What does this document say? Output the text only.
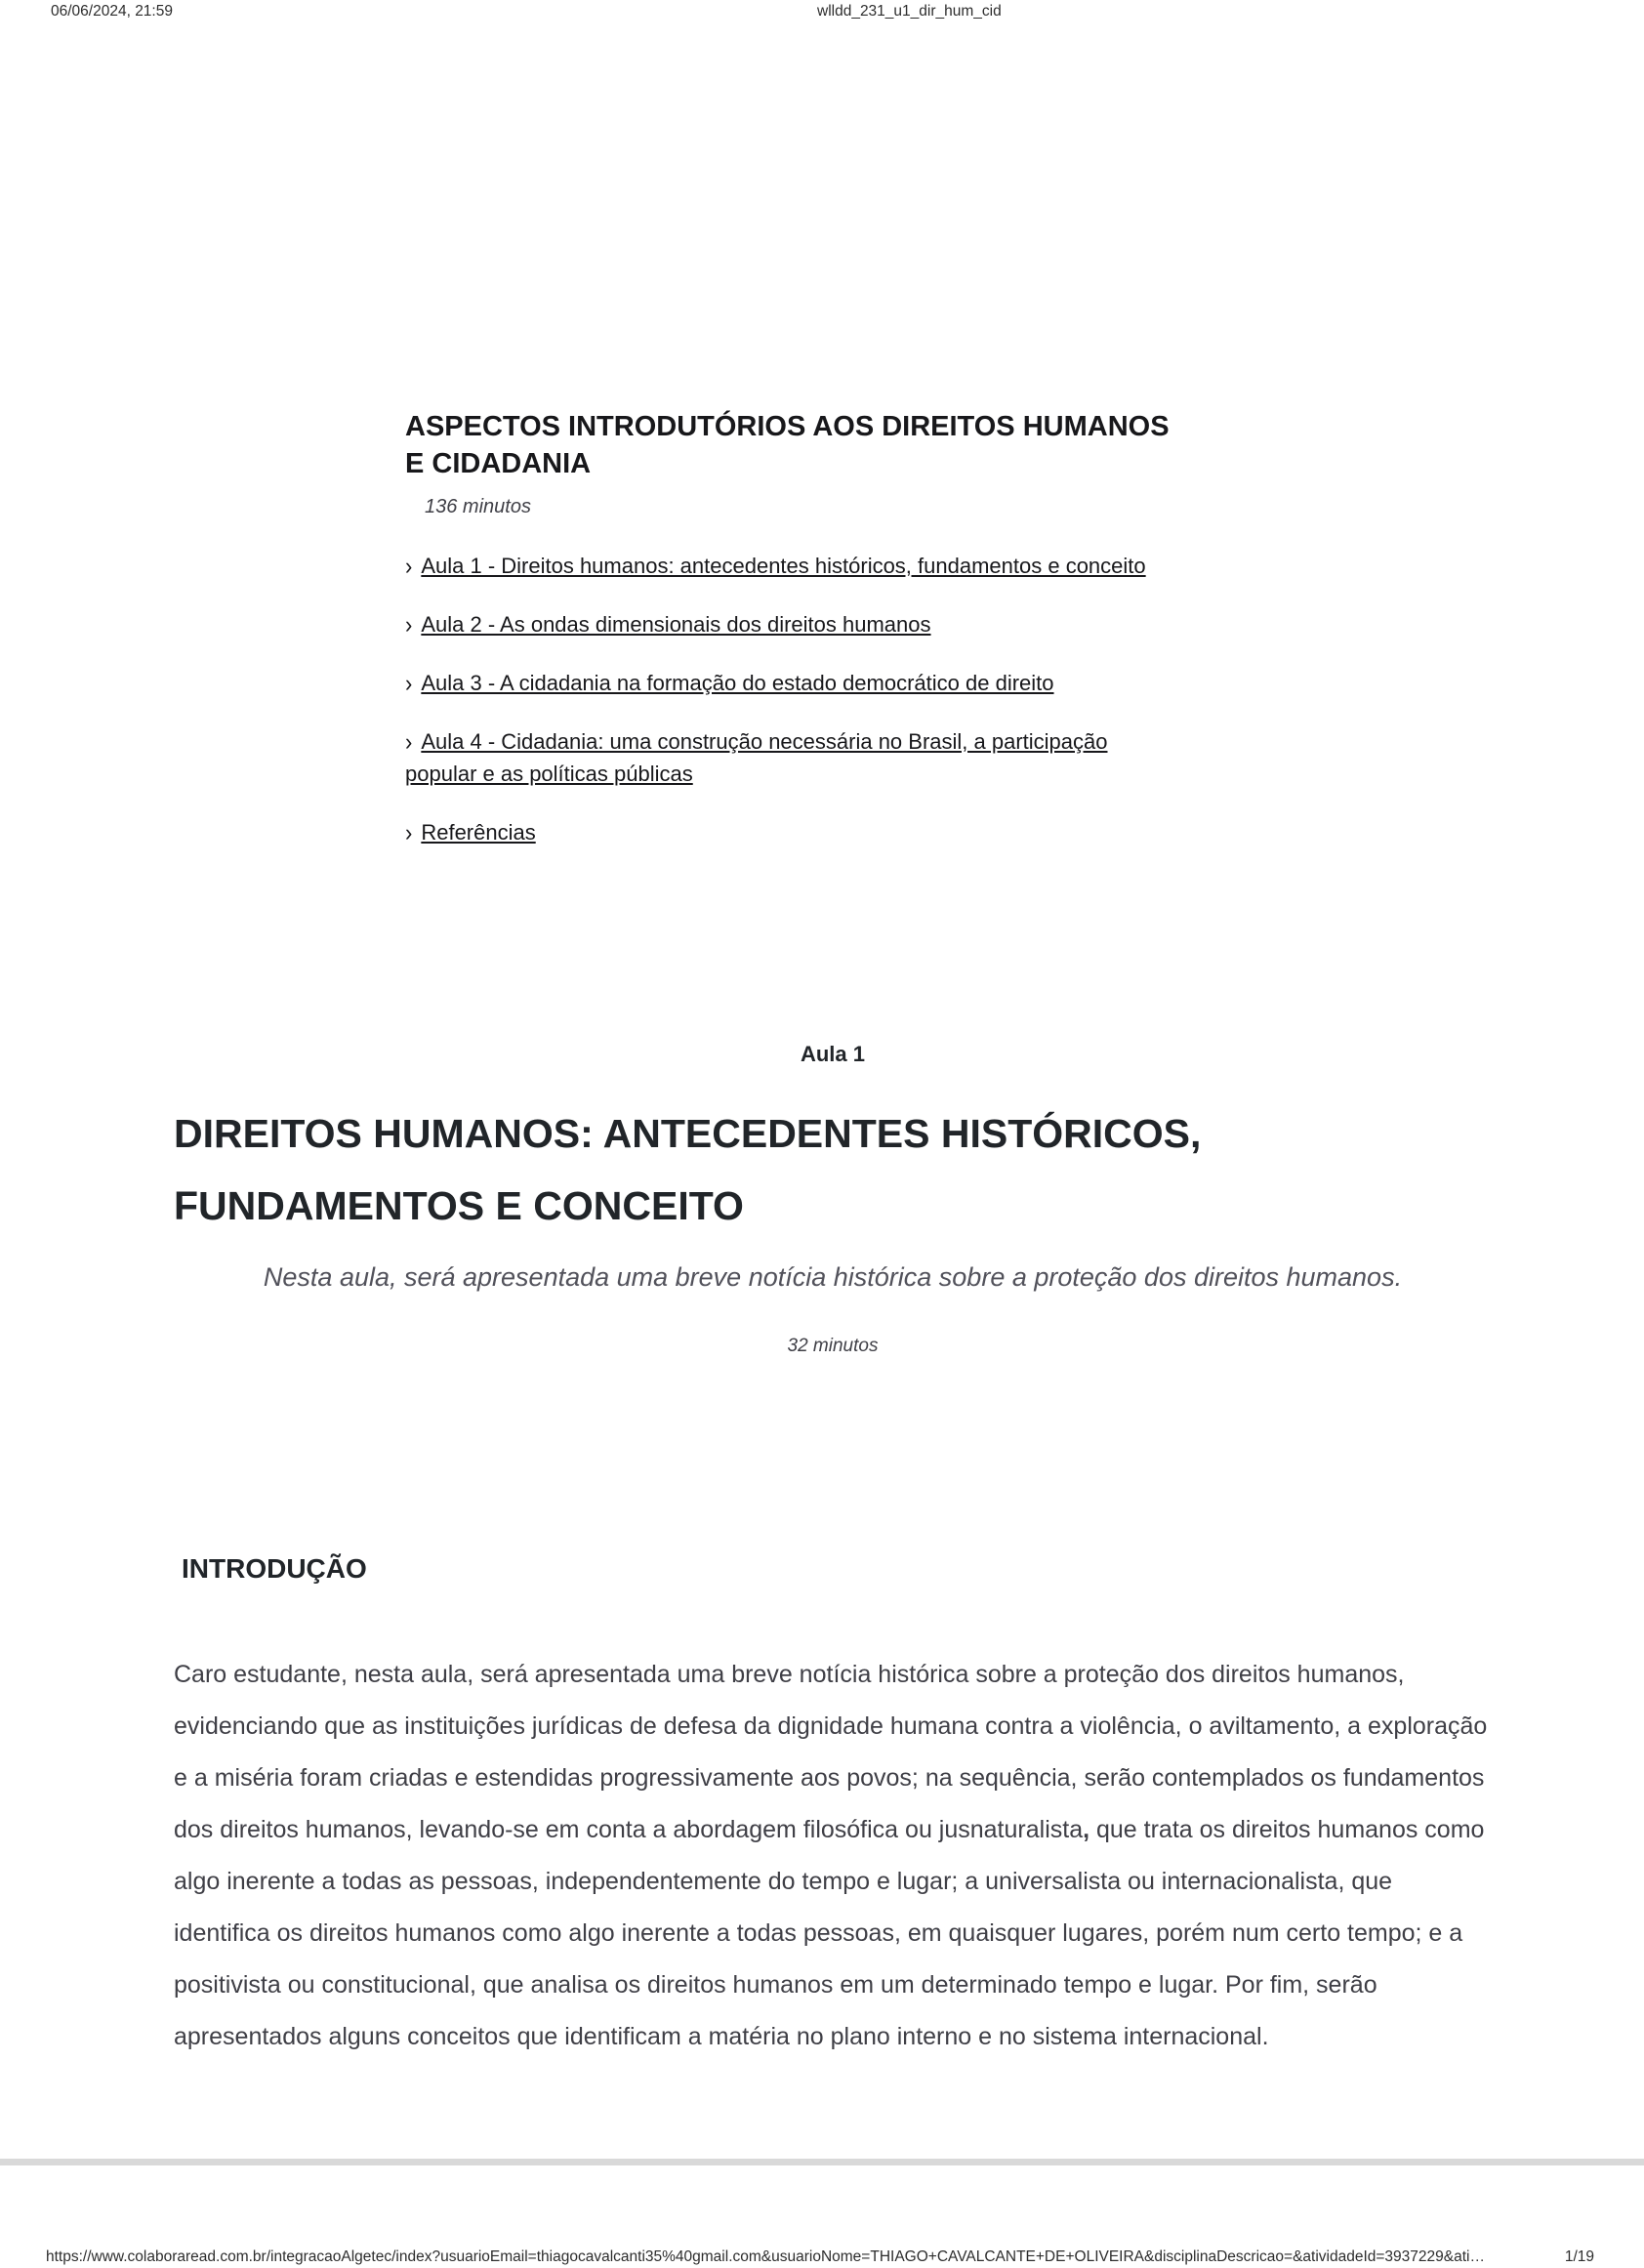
06/06/2024, 21:59	wlldd_231_u1_dir_hum_cid
ASPECTOS INTRODUTÓRIOS AOS DIREITOS HUMANOS E CIDADANIA
136 minutos
› Aula 1 - Direitos humanos: antecedentes históricos, fundamentos e conceito
› Aula 2 - As ondas dimensionais dos direitos humanos
› Aula 3 - A cidadania na formação do estado democrático de direito
› Aula 4 - Cidadania: uma construção necessária no Brasil, a participação popular e as políticas públicas
› Referências
Aula 1
DIREITOS HUMANOS: ANTECEDENTES HISTÓRICOS, FUNDAMENTOS E CONCEITO
Nesta aula, será apresentada uma breve notícia histórica sobre a proteção dos direitos humanos.
32 minutos
INTRODUÇÃO

Caro estudante, nesta aula, será apresentada uma breve notícia histórica sobre a proteção dos direitos humanos, evidenciando que as instituições jurídicas de defesa da dignidade humana contra a violência, o aviltamento, a exploração e a miséria foram criadas e estendidas progressivamente aos povos; na sequência, serão contemplados os fundamentos dos direitos humanos, levando-se em conta a abordagem filosófica ou jusnaturalista, que trata os direitos humanos como algo inerente a todas as pessoas, independentemente do tempo e lugar; a universalista ou internacionalista, que identifica os direitos humanos como algo inerente a todas pessoas, em quaisquer lugares, porém num certo tempo; e a positivista ou constitucional, que analisa os direitos humanos em um determinado tempo e lugar. Por fim, serão apresentados alguns conceitos que identificam a matéria no plano interno e no sistema internacional.

https://www.colaboraread.com.br/integracaoAlgetec/index?usuarioEmail=thiagocavalcanti35%40gmail.com&usuarioNome=THIAGO+CAVALCANTE+DE+OLIVEIRA&disciplinaDescricao=&atividadeId=3937229&ati…	1/19
